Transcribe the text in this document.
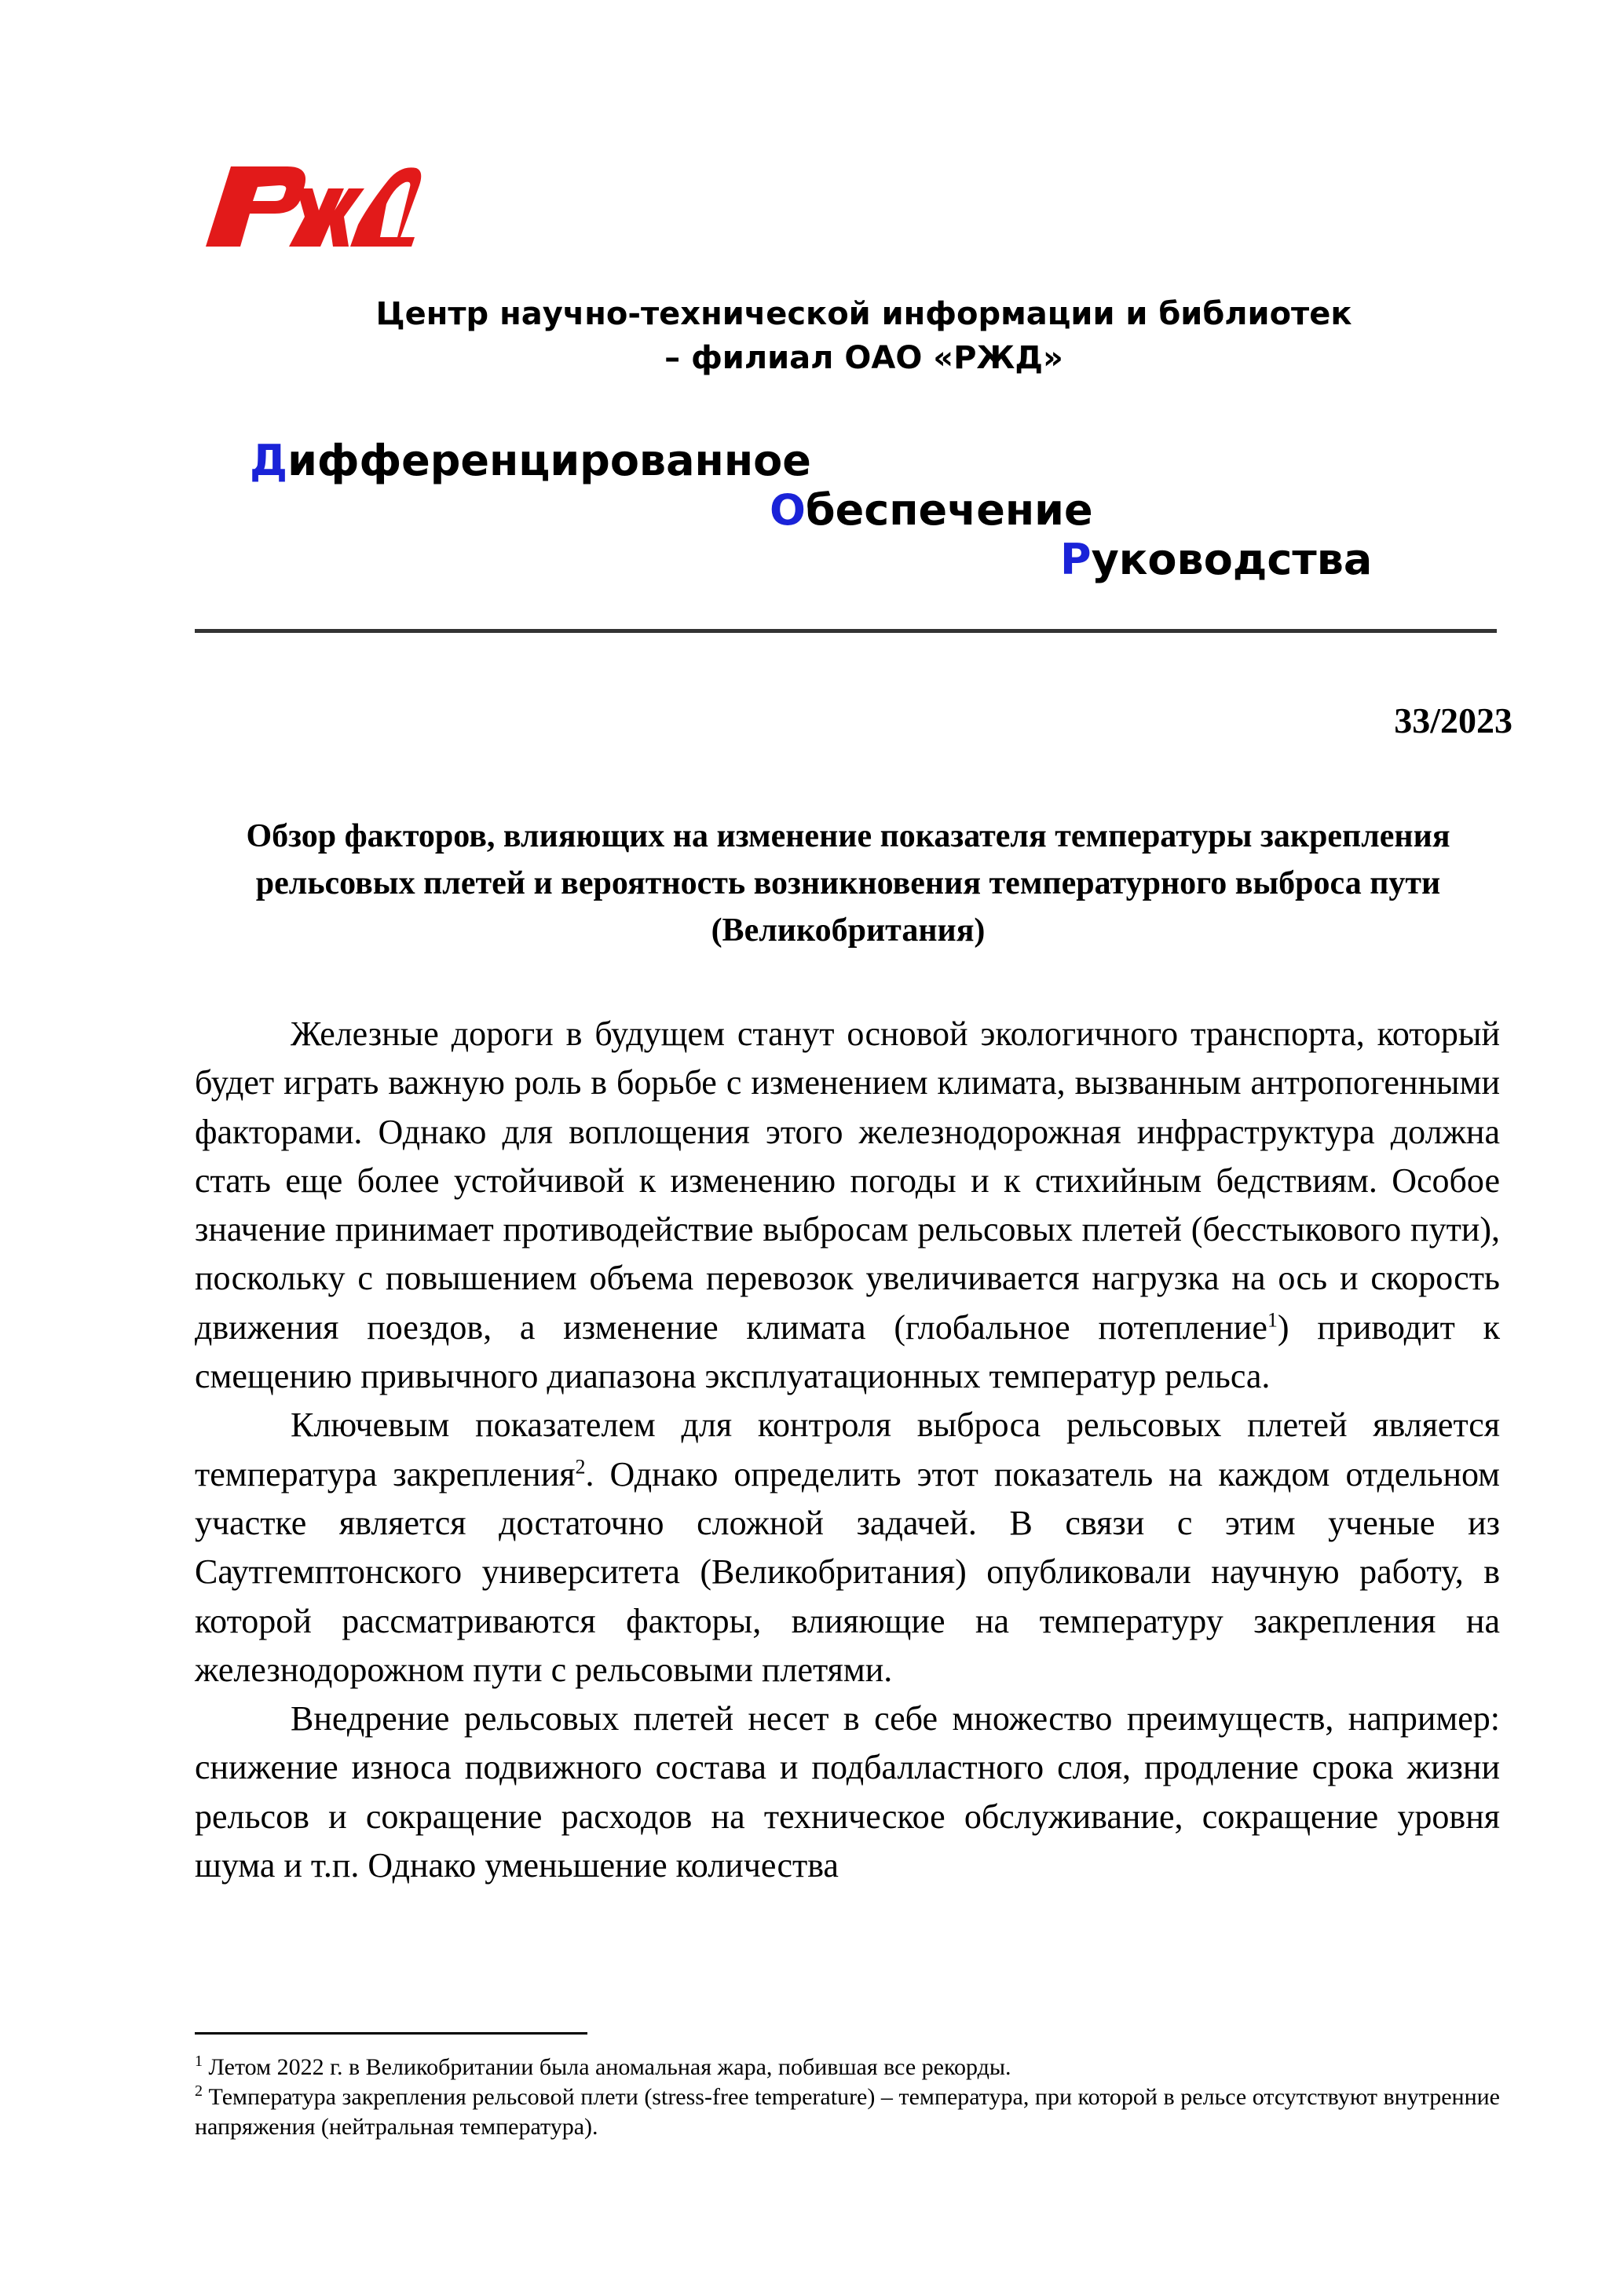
Центр научно-технической информации и библиотек
– филиал ОАО «РЖД»
Дифференцированное
Обеспечение
Руководства
33/2023
Обзор факторов, влияющих на изменение показателя температуры закрепления рельсовых плетей и вероятность возникновения температурного выброса пути (Великобритания)

Железные дороги в будущем станут основой экологичного транспорта, который будет играть важную роль в борьбе с изменением климата, вызванным антропогенными факторами. Однако для воплощения этого железнодорожная инфраструктура должна стать еще более устойчивой к изменению погоды и к стихийным бедствиям. Особое значение принимает противодействие выбросам рельсовых плетей (бесстыкового пути), поскольку с повышением объема перевозок увеличивается нагрузка на ось и скорость движения поездов, а изменение климата (глобальное потепление$^1$) приводит к смещению привычного диапазона эксплуатационных температур рельса.

Ключевым показателем для контроля выброса рельсовых плетей является температура закрепления$^2$. Однако определить этот показатель на каждом отдельном участке является достаточно сложной задачей. В связи с этим ученые из Саутгемптонского университета (Великобритания) опубликовали научную работу, в которой рассматриваются факторы, влияющие на температуру закрепления на железнодорожном пути с рельсовыми плетями.

Внедрение рельсовых плетей несет в себе множество преимуществ, например: снижение износа подвижного состава и подбалластного слоя, продление срока жизни рельсов и сокращение расходов на техническое обслуживание, сокращение уровня шума и т.п. Однако уменьшение количества

$^1$ Летом 2022 г. в Великобритании была аномальная жара, побившая все рекорды.

$^2$ Температура закрепления рельсовой плети (stress-free temperature) – температура, при которой в рельсе отсутствуют внутренние напряжения (нейтральная температура).
